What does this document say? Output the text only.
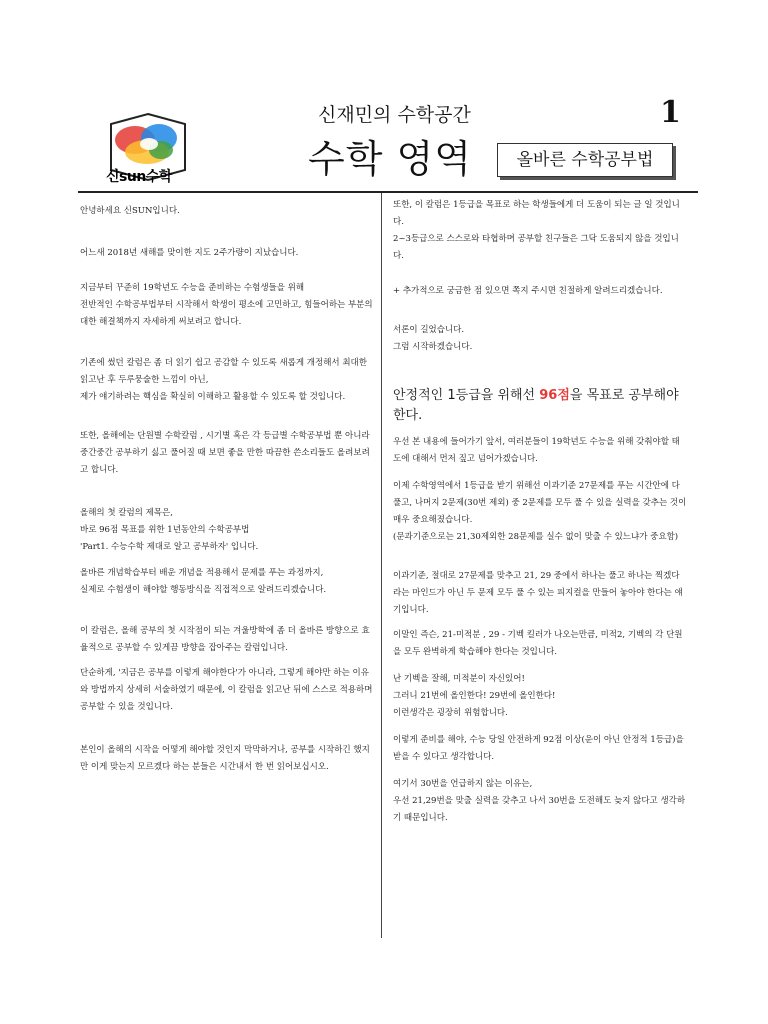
신sun수학
신재민의 수학공간	1
수학 영역	올바른 수학공부법

안녕하세요 신SUN입니다.

어느새 2018년 새해를 맞이한 지도 2주가량이 지났습니다.

지금부터 꾸준히 19학년도 수능을 준비하는 수험생들을 위해
전반적인 수학공부법부터 시작해서 학생이 평소에 고민하고, 힘들어하는 부분의 대한 해결책까지 자세하게 써보려고 합니다.

기존에 썼던 칼럼은 좀 더 읽기 쉽고 공감할 수 있도록 새롭게 개정해서 최대한 읽고난 후 두루뭉술한 느낌이 아닌,
제가 얘기하려는 핵심을 확실히 이해하고 활용할 수 있도록 할 것입니다.

또한, 올해에는 단원별 수학칼럼 , 시기별 혹은 각 등급별 수학공부법 뿐 아니라
중간중간 공부하기 싫고 풀어질 때 보면 좋을 만한 따끔한 쓴소리들도 올려보려고 합니다.

올해의 첫 칼럼의 제목은,
바로 96점 목표를 위한 1년동안의 수학공부법
'Part1. 수능수학 제대로 알고 공부하자' 입니다.

올바른 개념학습부터 배운 개념을 적용해서 문제를 푸는 과정까지,
실제로 수험생이 해야할 행동방식을 직접적으로 알려드리겠습니다.

이 칼럼은, 올해 공부의 첫 시작점이 되는 겨울방학에 좀 더 올바른 방향으로 효율적으로 공부할 수 있게끔 방향을 잡아주는 칼럼입니다.

단순하게, '지금은 공부를 이렇게 해야한다'가 아니라, 그렇게 해야만 하는 이유와 방법까지 상세히 서술하였기 때문에, 이 칼럼을 읽고난 뒤에 스스로 적용하며 공부할 수 있을 것입니다.

본인이 올해의 시작을 어떻게 해야할 것인지 막막하거나, 공부를 시작하긴 했지만 이게 맞는지 모르겠다 하는 분들은 시간내서 한 번 읽어보십시오.

또한, 이 칼럼은 1등급을 목표로 하는 학생들에게 더 도움이 되는 글 일 것입니다.
2~3등급으로 스스로와 타협하며 공부할 친구들은 그닥 도움되지 않을 것입니다.

+ 추가적으로 궁금한 점 있으면 쪽지 주시면 친절하게 알려드리겠습니다.

서론이 길었습니다.
그럼 시작하겠습니다.

안정적인 1등급을 위해선 96점을 목표로 공부해야 한다.

우선 본 내용에 들어가기 앞서, 여러분들이 19학년도 수능을 위해 갖춰야할 태도에 대해서 먼저 짚고 넘어가겠습니다.

이제 수학영역에서 1등급을 받기 위해선 이과기준 27문제를 푸는 시간안에 다 풀고, 나머지 2문제(30번 제외) 중 2문제를 모두 풀 수 있을 실력을 갖추는 것이 매우 중요해졌습니다.
(문과기준으로는 21,30제외한 28문제를 실수 없이 맞출 수 있느냐가 중요함)

이과기준, 절대로 27문제를 맞추고 21, 29 중에서 하나는 풀고 하나는 찍겠다 라는 마인드가 아닌 두 문제 모두 풀 수 있는 피지컬을 만들어 놓아야 한다는 얘기입니다.

이말인 즉슨, 21-미적분 , 29 - 기벡 킬러가 나오는만큼, 미적2, 기벡의 각 단원을 모두 완벽하게 학습해야 한다는 것입니다.

난 기벡을 잘해, 미적분이 자신있어!
그러니 21번에 올인한다! 29번에 올인한다!
이런생각은 굉장히 위험합니다.

이렇게 준비를 해야, 수능 당일 안전하게 92점 이상(운이 아닌 안정적 1등급)을 받을 수 있다고 생각합니다.

여기서 30번을 언급하지 않는 이유는,
우선 21,29번을 맞출 실력을 갖추고 나서 30번을 도전해도 늦지 않다고 생각하기 때문입니다.
